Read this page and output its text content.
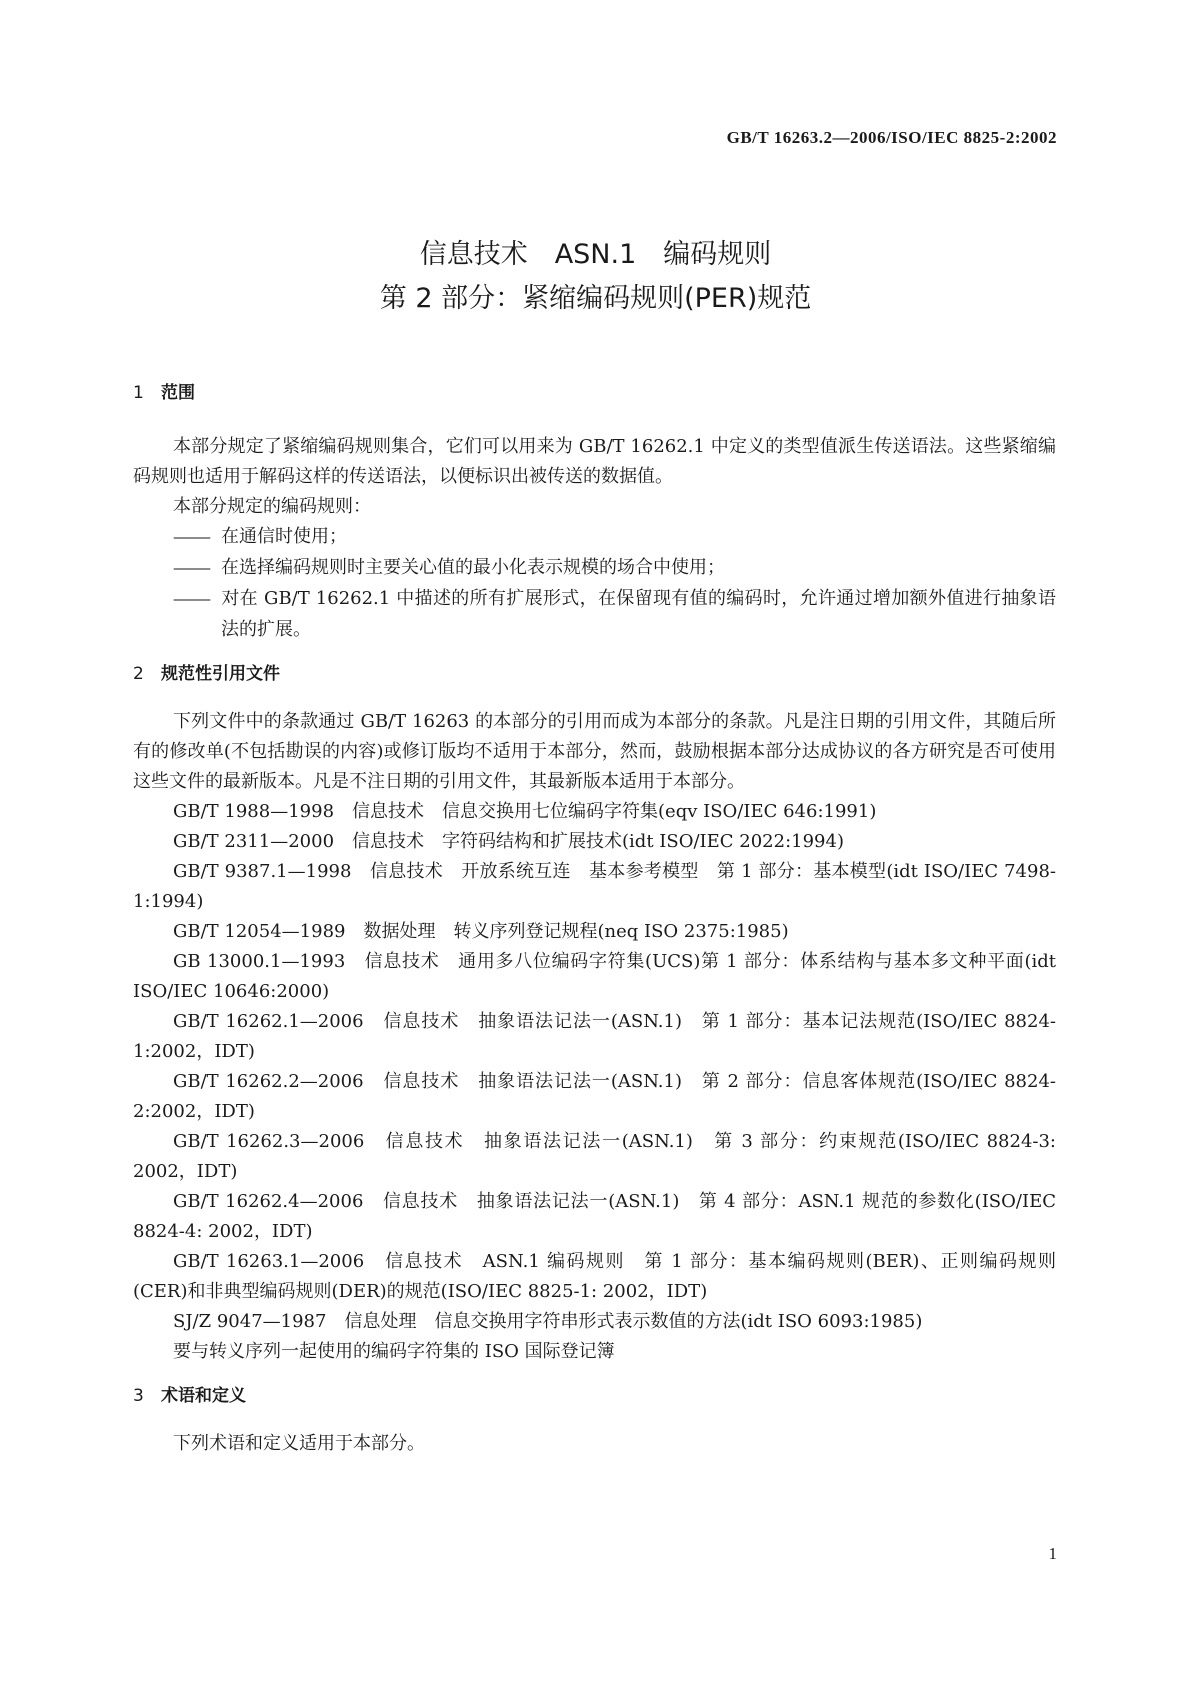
GB/T 16263.2—2006/ISO/IEC 8825-2:2002
信息技术　ASN.1　编码规则
第 2 部分：紧缩编码规则(PER)规范
1 范围

本部分规定了紧缩编码规则集合，它们可以用来为 GB/T 16262.1 中定义的类型值派生传送语法。这些紧缩编码规则也适用于解码这样的传送语法，以便标识出被传送的数据值。

本部分规定的编码规则：

——— 在通信时使用；
——— 在选择编码规则时主要关心值的最小化表示规模的场合中使用；
——— 对在 GB/T 16262.1 中描述的所有扩展形式，在保留现有值的编码时，允许通过增加额外值进行抽象语法的扩展。
2 规范性引用文件

下列文件中的条款通过 GB/T 16263 的本部分的引用而成为本部分的条款。凡是注日期的引用文件，其随后所有的修改单(不包括勘误的内容)或修订版均不适用于本部分，然而，鼓励根据本部分达成协议的各方研究是否可使用这些文件的最新版本。凡是不注日期的引用文件，其最新版本适用于本部分。

GB/T 1988—1998　信息技术　信息交换用七位编码字符集(eqv ISO/IEC 646:1991)
GB/T 2311—2000　信息技术　字符码结构和扩展技术(idt ISO/IEC 2022:1994)
GB/T 9387.1—1998　信息技术　开放系统互连　基本参考模型　第 1 部分：基本模型(idt ISO/IEC 7498-1:1994)
GB/T 12054—1989　数据处理　转义序列登记规程(neq ISO 2375:1985)
GB 13000.1—1993　信息技术　通用多八位编码字符集(UCS)第 1 部分：体系结构与基本多文种平面(idt ISO/IEC 10646:2000)
GB/T 16262.1—2006　信息技术　抽象语法记法一(ASN.1)　第 1 部分：基本记法规范(ISO/IEC 8824-1:2002，IDT)
GB/T 16262.2—2006　信息技术　抽象语法记法一(ASN.1)　第 2 部分：信息客体规范(ISO/IEC 8824-2:2002，IDT)
GB/T 16262.3—2006　信息技术　抽象语法记法一(ASN.1)　第 3 部分：约束规范(ISO/IEC 8824-3: 2002，IDT)
GB/T 16262.4—2006　信息技术　抽象语法记法一(ASN.1)　第 4 部分：ASN.1 规范的参数化(ISO/IEC 8824-4: 2002，IDT)
GB/T 16263.1—2006　信息技术　ASN.1 编码规则　第 1 部分：基本编码规则(BER)、正则编码规则(CER)和非典型编码规则(DER)的规范(ISO/IEC 8825-1: 2002，IDT)
SJ/Z 9047—1987　信息处理　信息交换用字符串形式表示数值的方法(idt ISO 6093:1985)
要与转义序列一起使用的编码字符集的 ISO 国际登记簿
3 术语和定义

下列术语和定义适用于本部分。

1
